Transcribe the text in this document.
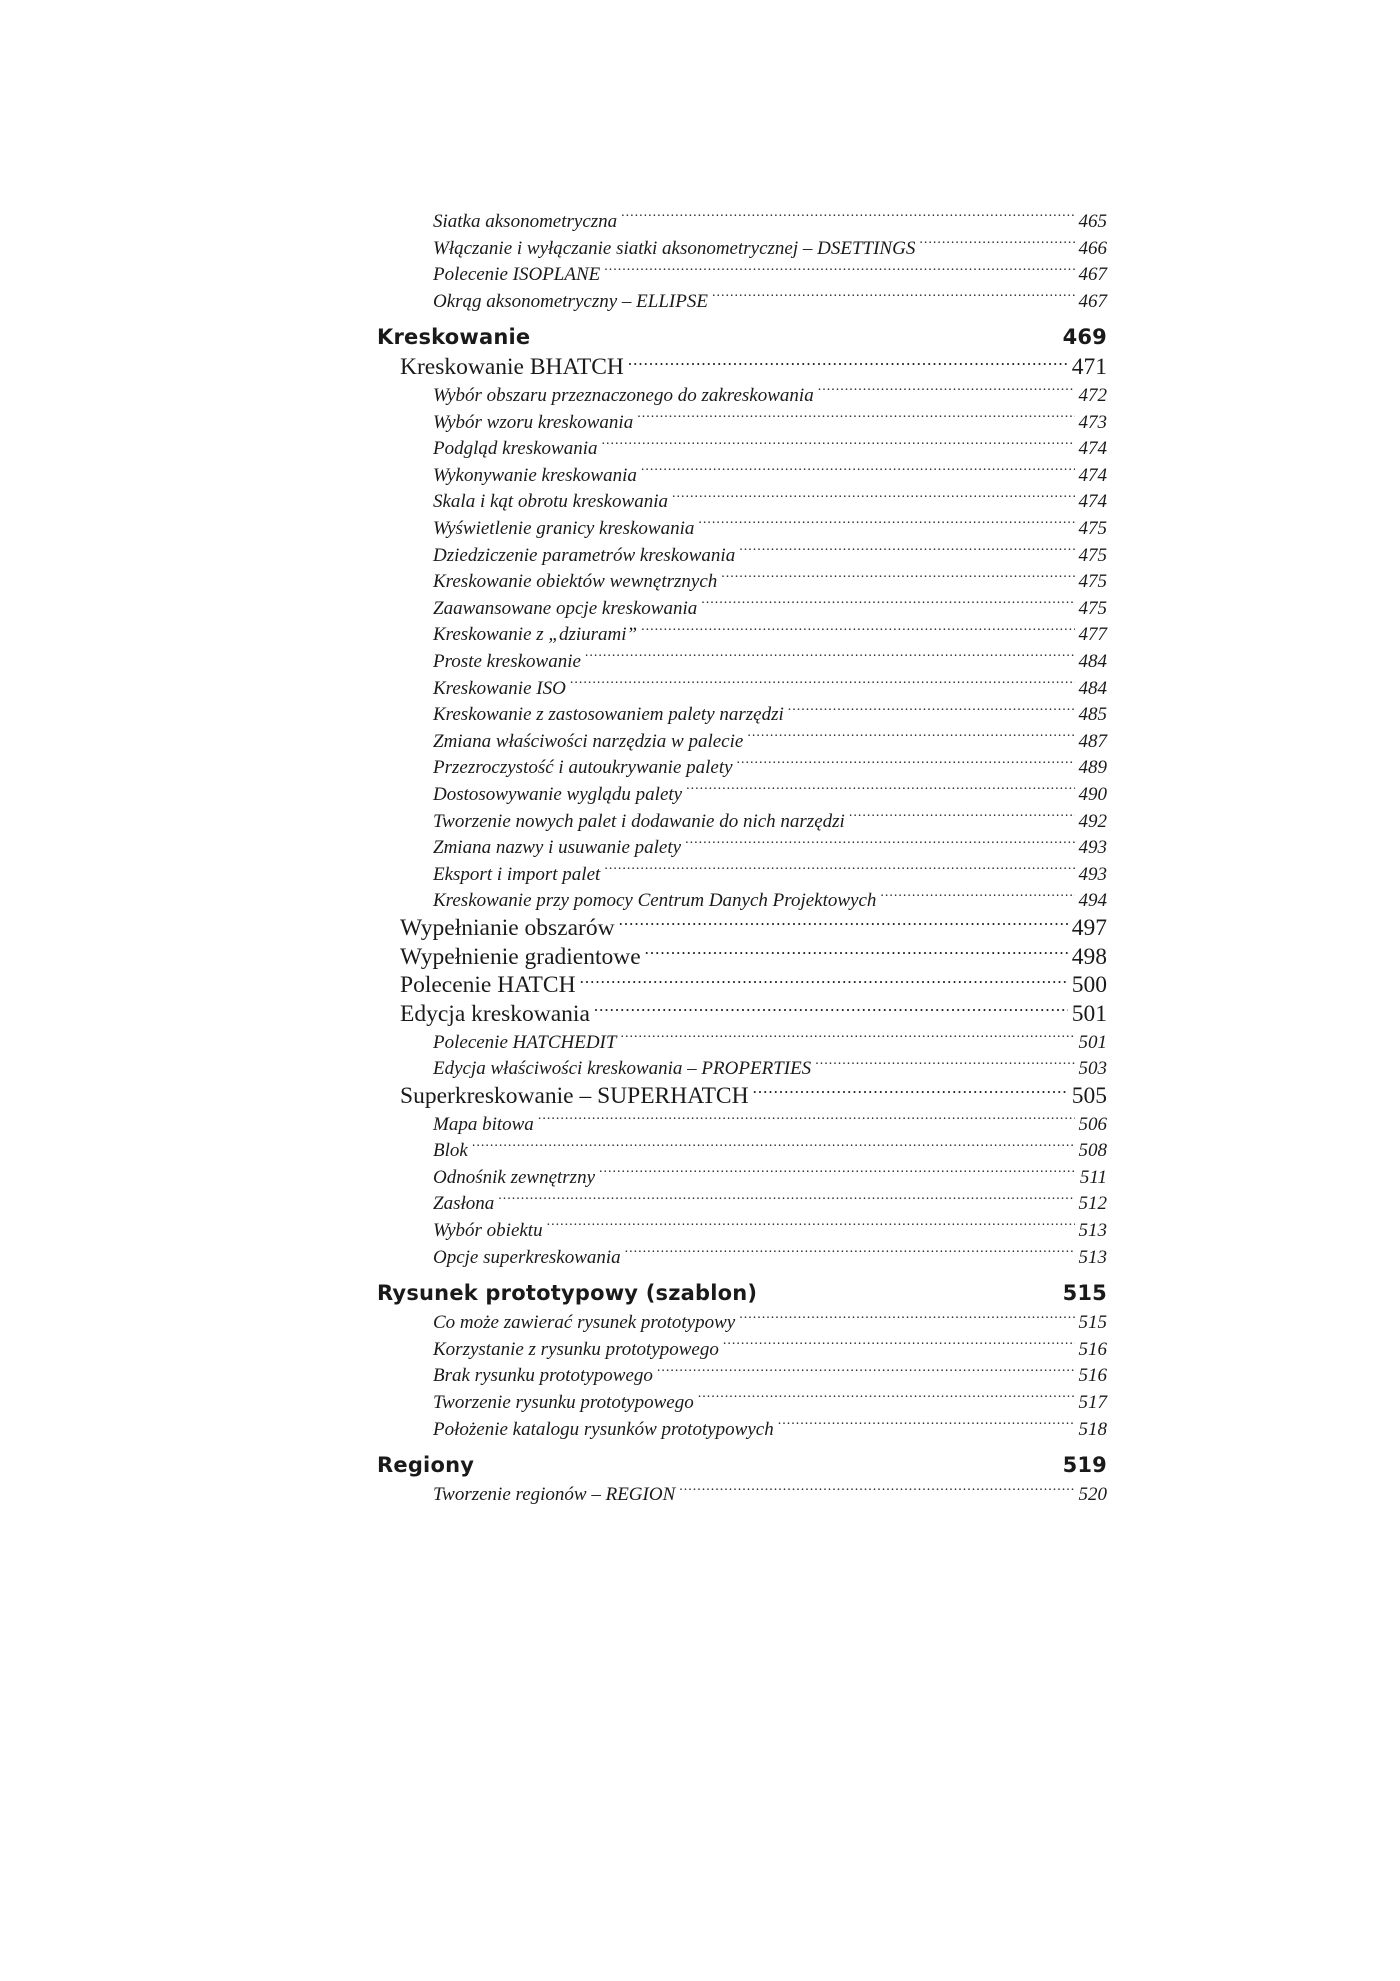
Siatka aksonometryczna .....	465
Włączanie i wyłączanie siatki aksonometrycznej – DSETTINGS .....	466
Polecenie ISOPLANE .....	467
Okrąg aksonometryczny – ELLIPSE .....	467
Kreskowanie	469
Kreskowanie BHATCH .....	471
Wybór obszaru przeznaczonego do zakreskowania .....	472
Wybór wzoru kreskowania .....	473
Podgląd kreskowania .....	474
Wykonywanie kreskowania .....	474
Skala i kąt obrotu kreskowania .....	474
Wyświetlenie granicy kreskowania .....	475
Dziedziczenie parametrów kreskowania .....	475
Kreskowanie obiektów wewnętrznych .....	475
Zaawansowane opcje kreskowania .....	475
Kreskowanie z „dziurami” .....	477
Proste kreskowanie .....	484
Kreskowanie ISO .....	484
Kreskowanie z zastosowaniem palety narzędzi .....	485
Zmiana właściwości narzędzia w palecie .....	487
Przezroczystość i autoukrywanie palety .....	489
Dostosowywanie wyglądu palety .....	490
Tworzenie nowych palet i dodawanie do nich narzędzi .....	492
Zmiana nazwy i usuwanie palety .....	493
Eksport i import palet .....	493
Kreskowanie przy pomocy Centrum Danych Projektowych .....	494
Wypełnianie obszarów .....	497
Wypełnienie gradientowe .....	498
Polecenie HATCH .....	500
Edycja kreskowania .....	501
Polecenie HATCHEDIT .....	501
Edycja właściwości kreskowania – PROPERTIES .....	503
Superkreskowanie – SUPERHATCH .....	505
Mapa bitowa .....	506
Blok .....	508
Odnośnik zewnętrzny .....	511
Zasłona .....	512
Wybór obiektu .....	513
Opcje superkreskowania .....	513
Rysunek prototypowy (szablon)	515
Co może zawierać rysunek prototypowy .....	515
Korzystanie z rysunku prototypowego .....	516
Brak rysunku prototypowego .....	516
Tworzenie rysunku prototypowego .....	517
Położenie katalogu rysunków prototypowych .....	518
Regiony	519
Tworzenie regionów – REGION .....	520
